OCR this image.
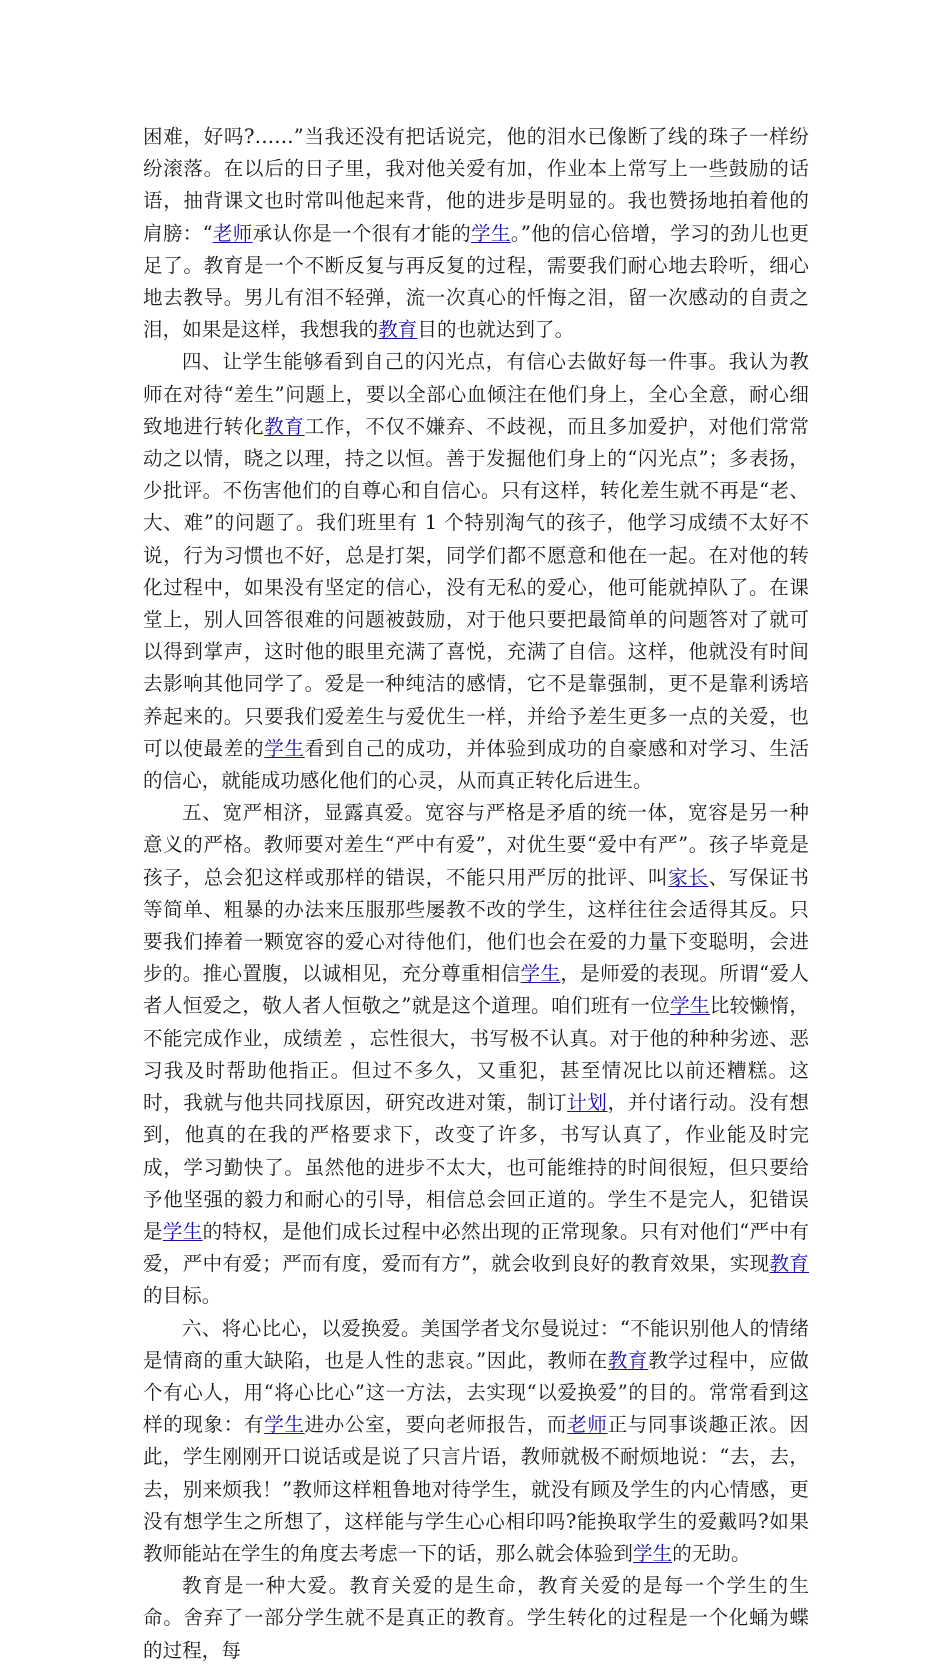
困难，好吗?……”当我还没有把话说完，他的泪水已像断了线的珠子一样纷纷滚落。在以后的日子里，我对他关爱有加，作业本上常写上一些鼓励的话语，抽背课文也时常叫他起来背，他的进步是明显的。我也赞扬地拍着他的肩膀：“老师承认你是一个很有才能的学生。”他的信心倍增，学习的劲儿也更足了。教育是一个不断反复与再反复的过程，需要我们耐心地去聆听，细心地去教导。男儿有泪不轻弹，流一次真心的忏悔之泪，留一次感动的自责之泪，如果是这样，我想我的教育目的也就达到了。

四、让学生能够看到自己的闪光点，有信心去做好每一件事。我认为教师在对待“差生”问题上，要以全部心血倾注在他们身上，全心全意，耐心细致地进行转化教育工作，不仅不嫌弃、不歧视，而且多加爱护，对他们常常动之以情，晓之以理，持之以恒。善于发掘他们身上的“闪光点”；多表扬，少批评。不伤害他们的自尊心和自信心。只有这样，转化差生就不再是“老、大、难”的问题了。我们班里有 1 个特别淘气的孩子，他学习成绩不太好不说，行为习惯也不好，总是打架，同学们都不愿意和他在一起。在对他的转化过程中，如果没有坚定的信心，没有无私的爱心，他可能就掉队了。在课堂上，别人回答很难的问题被鼓励，对于他只要把最简单的问题答对了就可以得到掌声，这时他的眼里充满了喜悦，充满了自信。这样，他就没有时间去影响其他同学了。爱是一种纯洁的感情，它不是靠强制，更不是靠利诱培养起来的。只要我们爱差生与爱优生一样，并给予差生更多一点的关爱，也可以使最差的学生看到自己的成功，并体验到成功的自豪感和对学习、生活的信心，就能成功感化他们的心灵，从而真正转化后进生。

五、宽严相济，显露真爱。宽容与严格是矛盾的统一体，宽容是另一种意义的严格。教师要对差生“严中有爱”，对优生要“爱中有严”。孩子毕竟是孩子，总会犯这样或那样的错误，不能只用严厉的批评、叫家长、写保证书等简单、粗暴的办法来压服那些屡教不改的学生，这样往往会适得其反。只要我们捧着一颗宽容的爱心对待他们，他们也会在爱的力量下变聪明，会进步的。推心置腹，以诚相见，充分尊重相信学生，是师爱的表现。所谓“爱人者人恒爱之，敬人者人恒敬之”就是这个道理。咱们班有一位学生比较懒惰，不能完成作业，成绩差 ，忘性很大，书写极不认真。对于他的种种劣迹、恶习我及时帮助他指正。但过不多久，又重犯，甚至情况比以前还糟糕。这时，我就与他共同找原因，研究改进对策，制订计划，并付诸行动。没有想到，他真的在我的严格要求下，改变了许多，书写认真了，作业能及时完成，学习勤快了。虽然他的进步不太大，也可能维持的时间很短，但只要给予他坚强的毅力和耐心的引导，相信总会回正道的。学生不是完人，犯错误是学生的特权，是他们成长过程中必然出现的正常现象。只有对他们“严中有爱，严中有爱；严而有度，爱而有方”，就会收到良好的教育效果，实现教育的目标。

六、将心比心，以爱换爱。美国学者戈尔曼说过：“不能识别他人的情绪是情商的重大缺陷，也是人性的悲哀。”因此，教师在教育教学过程中，应做个有心人，用“将心比心”这一方法，去实现“以爱换爱”的目的。常常看到这样的现象：有学生进办公室，要向老师报告，而老师正与同事谈趣正浓。因此，学生刚刚开口说话或是说了只言片语，教师就极不耐烦地说：“去，去，去，别来烦我！”教师这样粗鲁地对待学生，就没有顾及学生的内心情感，更没有想学生之所想了，这样能与学生心心相印吗?能换取学生的爱戴吗?如果教师能站在学生的角度去考虑一下的话，那么就会体验到学生的无助。

教育是一种大爱。教育关爱的是生命，教育关爱的是每一个学生的生命。舍弃了一部分学生就不是真正的教育。学生转化的过程是一个化蛹为蝶的过程，每
